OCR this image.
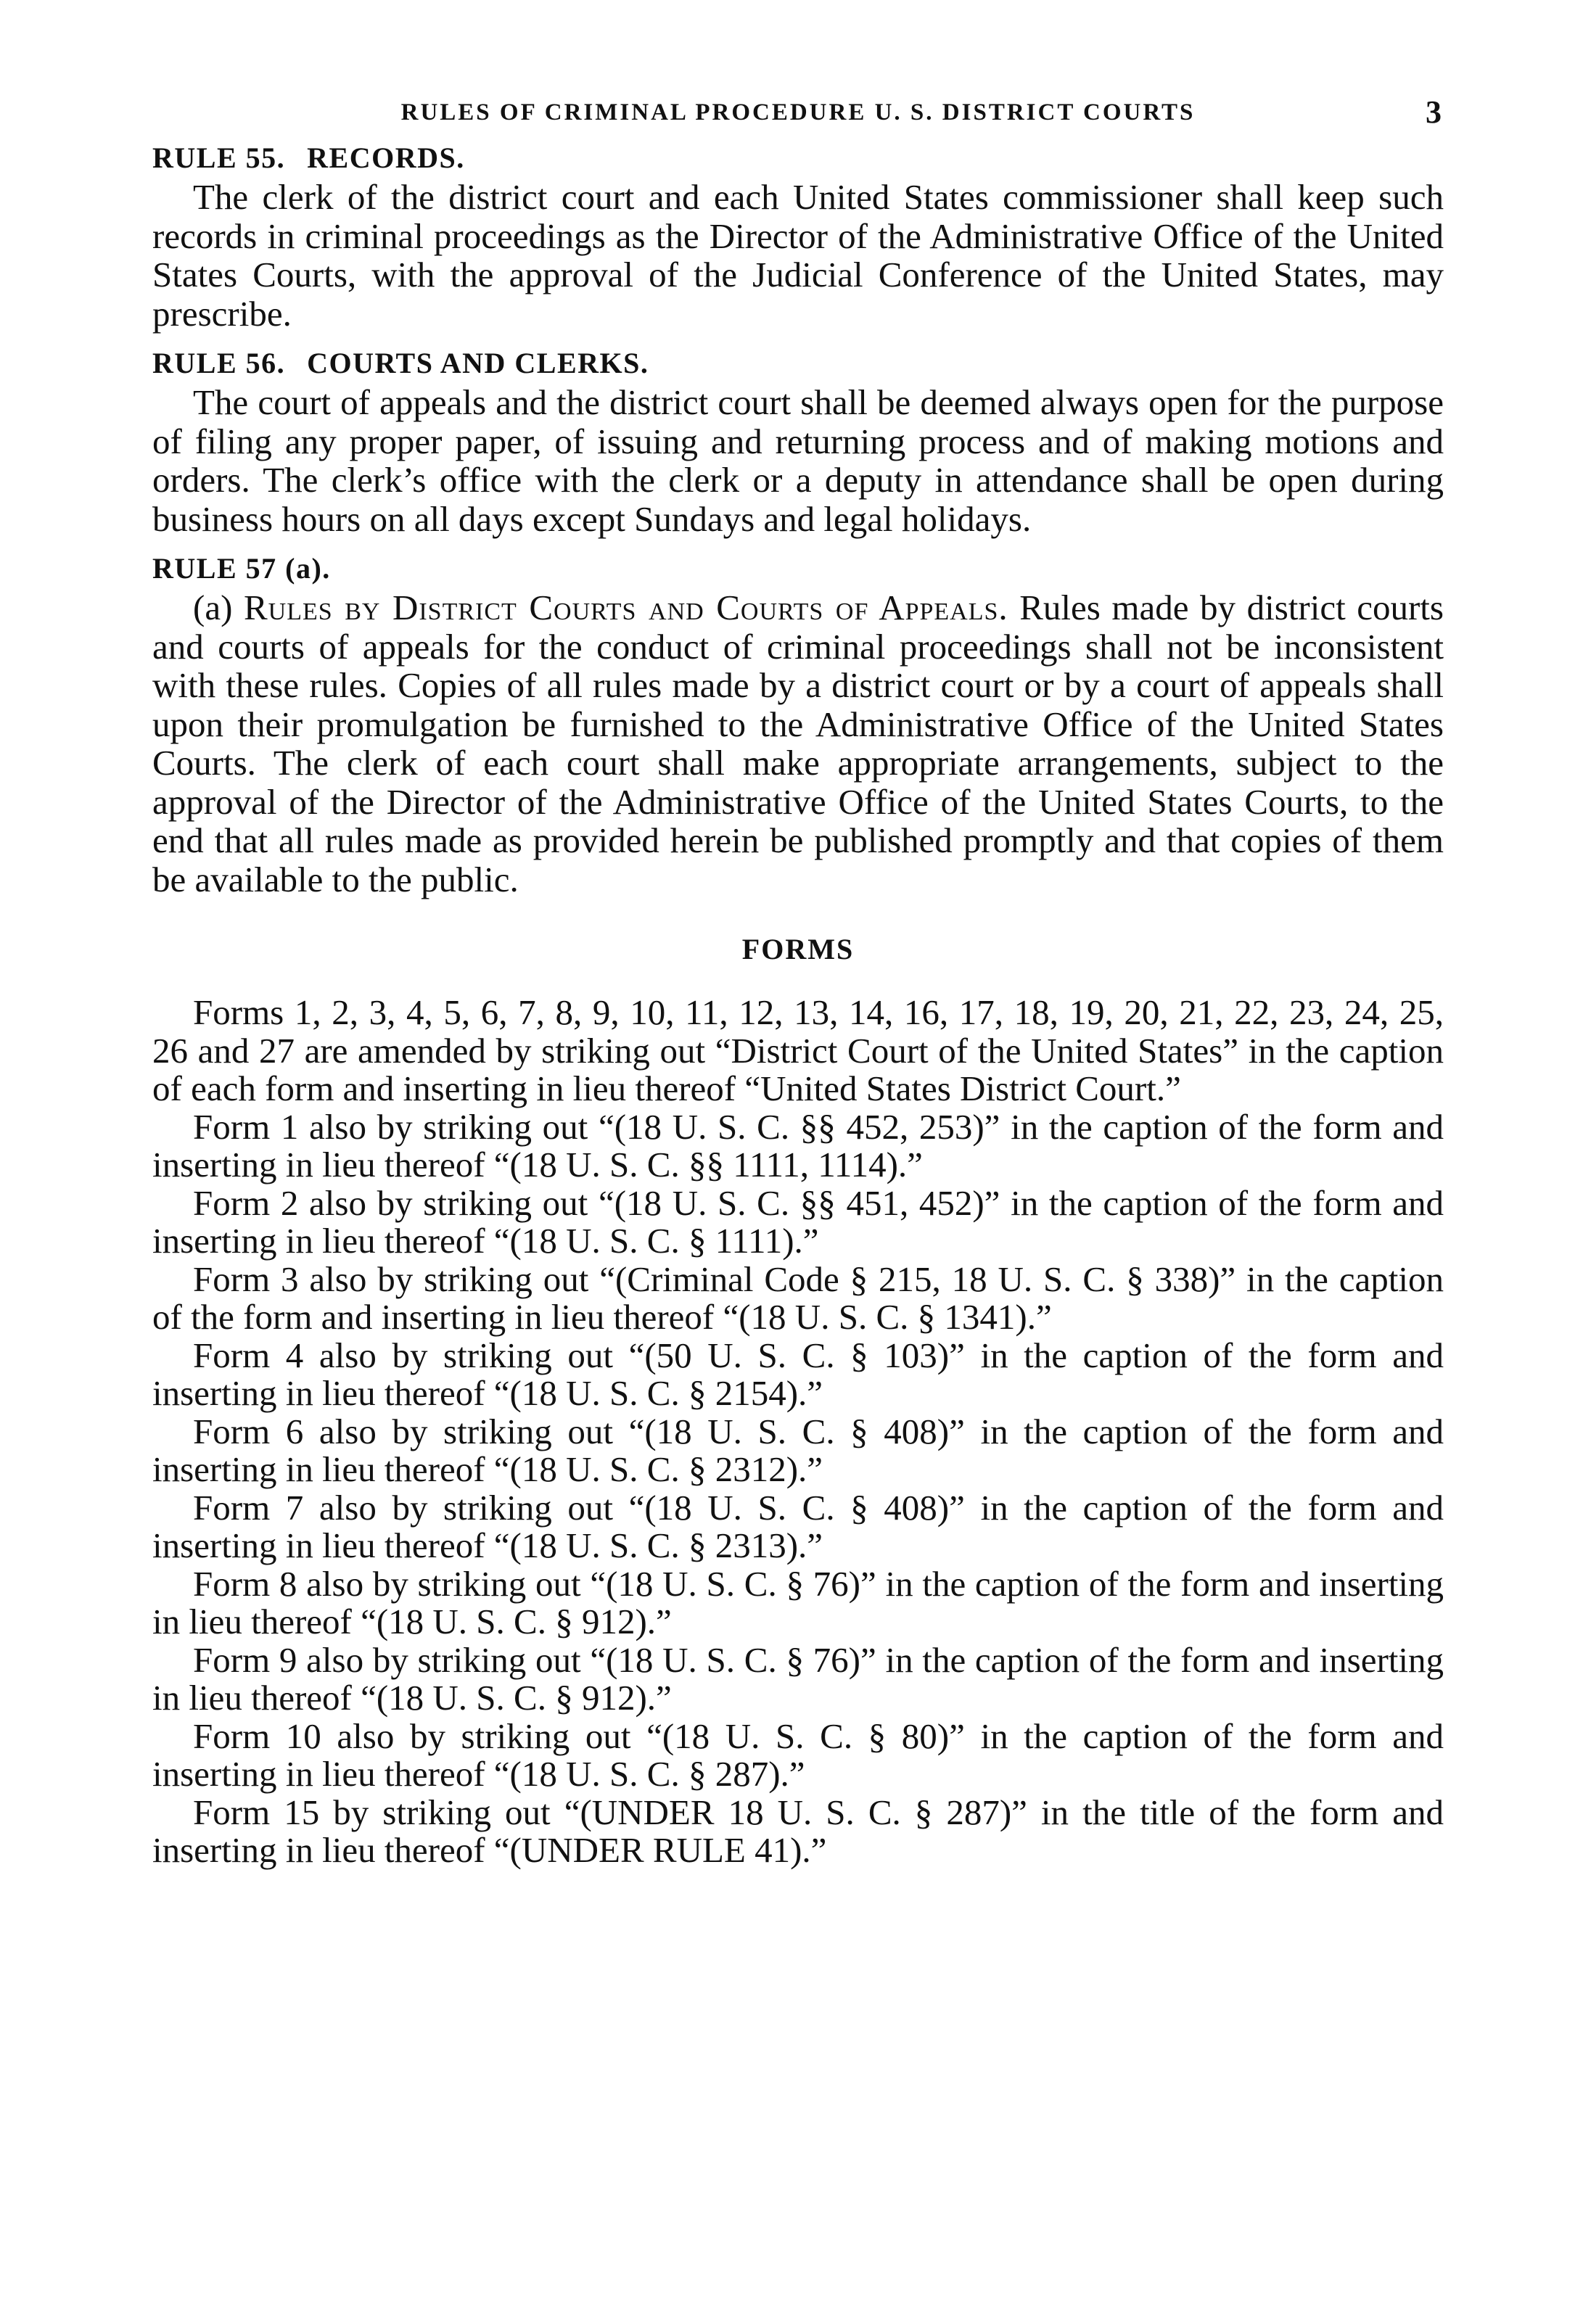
RULES OF CRIMINAL PROCEDURE U. S. DISTRICT COURTS	3
RULE 55. RECORDS.

The clerk of the district court and each United States commissioner shall keep such records in criminal proceedings as the Director of the Administrative Office of the United States Courts, with the approval of the Judicial Conference of the United States, may prescribe.

RULE 56. COURTS AND CLERKS.

The court of appeals and the district court shall be deemed always open for the purpose of filing any proper paper, of issuing and returning process and of making motions and orders. The clerk’s office with the clerk or a deputy in attendance shall be open during business hours on all days except Sundays and legal holidays.

RULE 57 (a).

(a) Rules by District Courts and Courts of Appeals. Rules made by district courts and courts of appeals for the conduct of criminal proceedings shall not be inconsistent with these rules. Copies of all rules made by a district court or by a court of appeals shall upon their promulgation be furnished to the Administrative Office of the United States Courts. The clerk of each court shall make appropriate arrangements, subject to the approval of the Director of the Administrative Office of the United States Courts, to the end that all rules made as provided herein be published promptly and that copies of them be available to the public.

FORMS

Forms 1, 2, 3, 4, 5, 6, 7, 8, 9, 10, 11, 12, 13, 14, 16, 17, 18, 19, 20, 21, 22, 23, 24, 25, 26 and 27 are amended by striking out “District Court of the United States” in the caption of each form and inserting in lieu thereof “United States District Court.”

Form 1 also by striking out “(18 U. S. C. §§ 452, 253)” in the caption of the form and inserting in lieu thereof “(18 U. S. C. §§ 1111, 1114).”

Form 2 also by striking out “(18 U. S. C. §§ 451, 452)” in the caption of the form and inserting in lieu thereof “(18 U. S. C. § 1111).”

Form 3 also by striking out “(Criminal Code § 215, 18 U. S. C. § 338)” in the caption of the form and inserting in lieu thereof “(18 U. S. C. § 1341).”

Form 4 also by striking out “(50 U. S. C. § 103)” in the caption of the form and inserting in lieu thereof “(18 U. S. C. § 2154).”

Form 6 also by striking out “(18 U. S. C. § 408)” in the caption of the form and inserting in lieu thereof “(18 U. S. C. § 2312).”

Form 7 also by striking out “(18 U. S. C. § 408)” in the caption of the form and inserting in lieu thereof “(18 U. S. C. § 2313).”

Form 8 also by striking out “(18 U. S. C. § 76)” in the caption of the form and inserting in lieu thereof “(18 U. S. C. § 912).”

Form 9 also by striking out “(18 U. S. C. § 76)” in the caption of the form and inserting in lieu thereof “(18 U. S. C. § 912).”

Form 10 also by striking out “(18 U. S. C. § 80)” in the caption of the form and inserting in lieu thereof “(18 U. S. C. § 287).”

Form 15 by striking out “(UNDER 18 U. S. C. § 287)” in the title of the form and inserting in lieu thereof “(UNDER RULE 41).”
